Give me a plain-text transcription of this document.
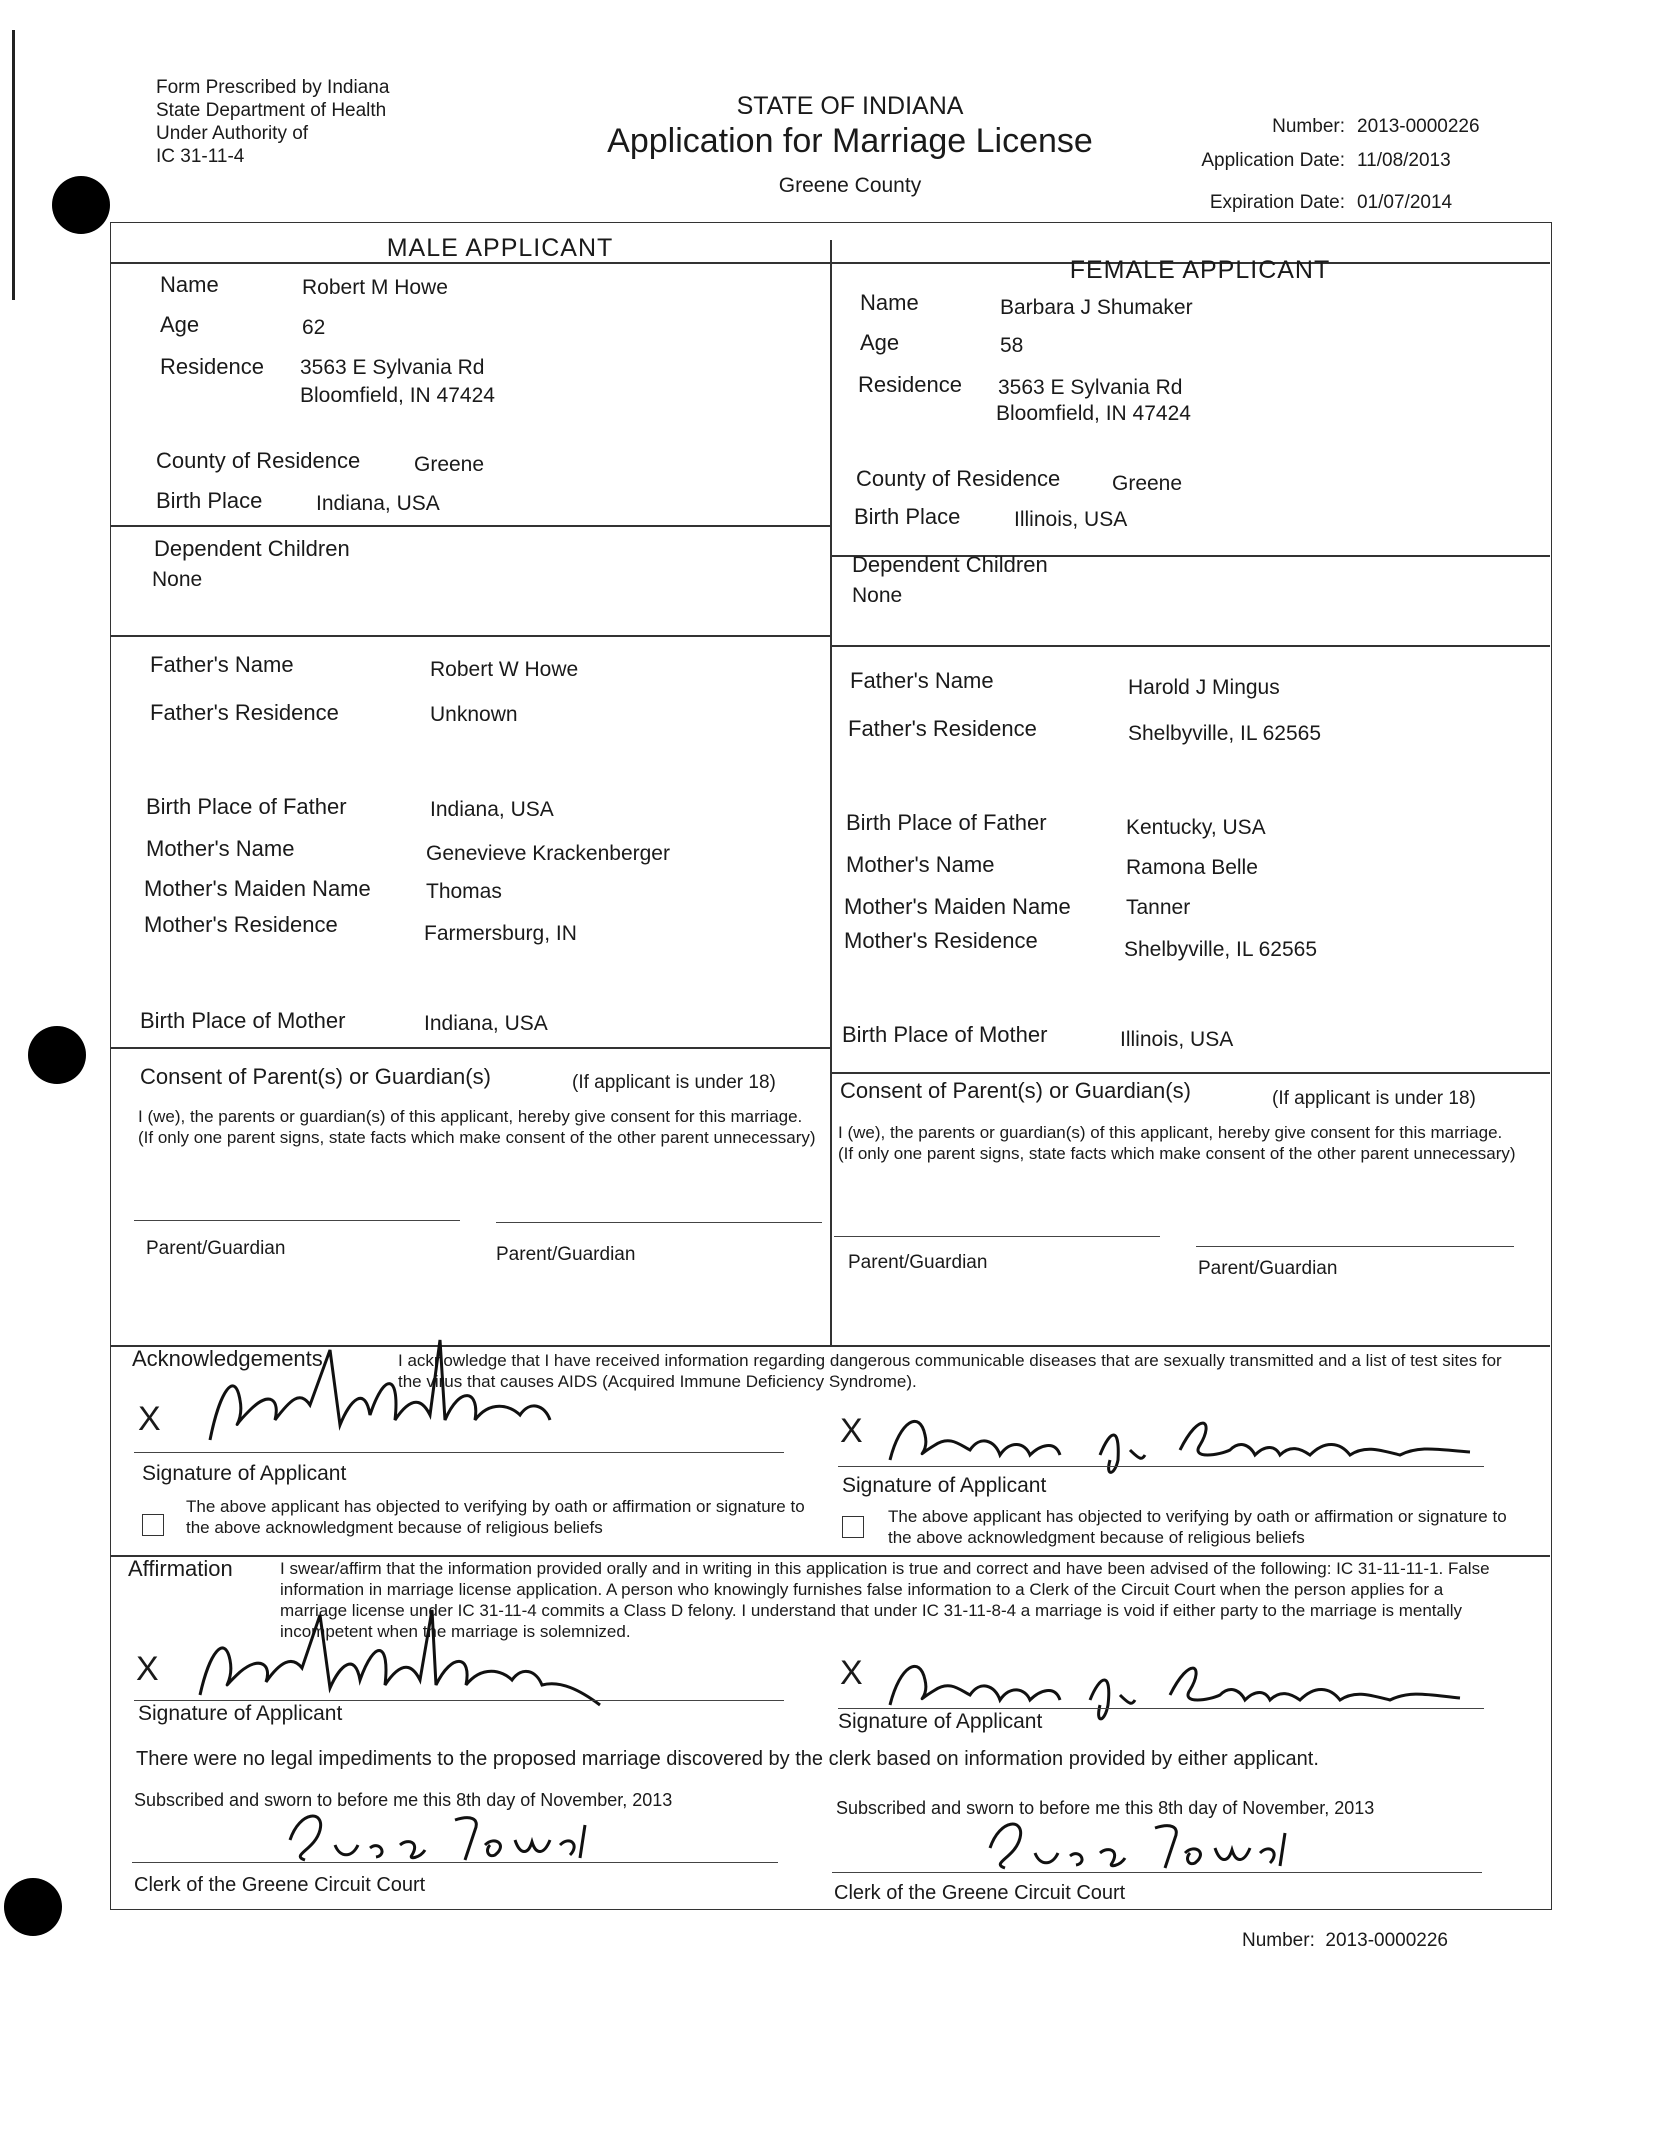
Form Prescribed by Indiana
State Department of Health
Under Authority of
IC 31-11-4
STATE OF INDIANA
Application for Marriage License
Greene County
Number: 2013-0000226
Application Date: 11/08/2013
Expiration Date: 01/07/2014
MALE APPLICANT
FEMALE APPLICANT
Name	Robert M Howe
Age	62
Residence 3563 E Sylvania Rd
Bloomfield, IN 47424
County of Residence	Greene
Birth Place	Indiana, USA
Dependent Children
None
Father's Name	Robert W Howe
Father's Residence	Unknown
Birth Place of Father	Indiana, USA
Mother's Name	Genevieve Krackenberger
Mother's Maiden Name	Thomas
Mother's Residence	Farmersburg, IN
Birth Place of Mother	Indiana, USA
Name	Barbara J Shumaker
Age	58
Residence 3563 E Sylvania Rd
Bloomfield, IN 47424
County of Residence Greene
Birth Place	Illinois, USA
Dependent Children
None
Father's Name	Harold J Mingus
Father's Residence	Shelbyville, IL 62565
Birth Place of Father	Kentucky, USA
Mother's Name	Ramona Belle
Mother's Maiden Name	Tanner
Mother's Residence	Shelbyville, IL 62565
Birth Place of Mother	Illinois, USA
Consent of Parent(s) or Guardian(s)	(If applicant is under 18)
I (we), the parents or guardian(s) of this applicant, hereby give consent for this marriage. (If only one parent signs, state facts which make consent of the other parent unnecessary)
Parent/Guardian	Parent/Guardian
Consent of Parent(s) or Guardian(s)	(If applicant is under 18)
I (we), the parents or guardian(s) of this applicant, hereby give consent for this marriage. (If only one parent signs, state facts which make consent of the other parent unnecessary)
Parent/Guardian	Parent/Guardian
Acknowledgements	I acknowledge that I have received information regarding dangerous communicable diseases that are sexually transmitted and a list of test sites for the virus that causes AIDS (Acquired Immune Deficiency Syndrome).
X
Signature of Applicant
The above applicant has objected to verifying by oath or affirmation or signature to the above acknowledgment because of religious beliefs
X
Signature of Applicant
The above applicant has objected to verifying by oath or affirmation or signature to the above acknowledgment because of religious beliefs
Affirmation	I swear/affirm that the information provided orally and in writing in this application is true and correct and have been advised of the following: IC 31-11-11-1. False information in marriage license application. A person who knowingly furnishes false information to a Clerk of the Circuit Court when the person applies for a marriage license under IC 31-11-4 commits a Class D felony. I understand that under IC 31-11-8-4 a marriage is void if either party to the marriage is mentally incompetent when the marriage is solemnized.
X
Signature of Applicant
X
Signature of Applicant
There were no legal impediments to the proposed marriage discovered by the clerk based on information provided by either applicant.
Subscribed and sworn to before me this 8th day of November, 2013
Clerk of the Greene Circuit Court
Subscribed and sworn to before me this 8th day of November, 2013
Clerk of the Greene Circuit Court
Number: 2013-0000226
